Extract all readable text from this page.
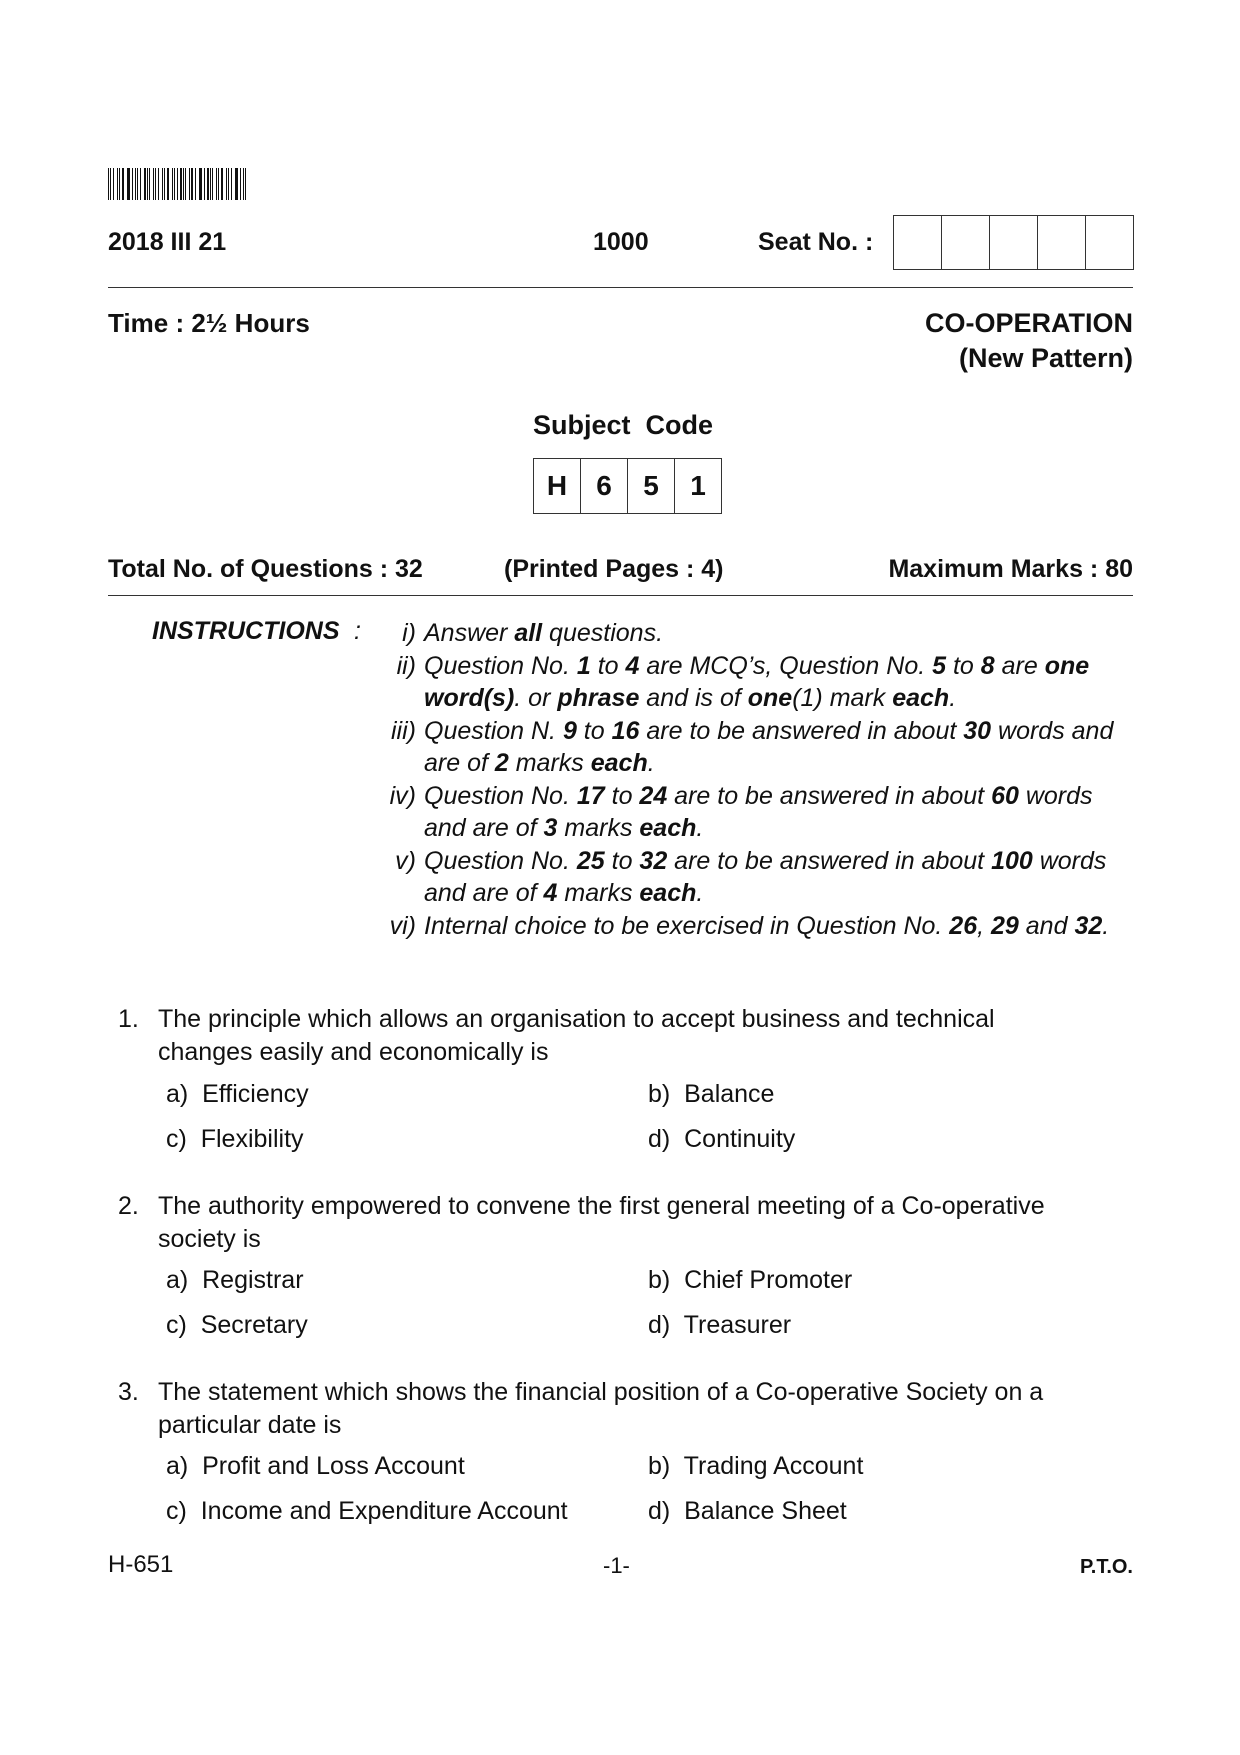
2018 III 21	1000	Seat No. :
Time : 2½ Hours	CO-OPERATION
(New Pattern)
Subject  Code
H	6	5	1
Total No. of Questions : 32	(Printed Pages : 4)	Maximum Marks : 80
INSTRUCTIONS :	i) Answer all questions.
ii) Question No. 1 to 4 are MCQ’s, Question No. 5 to 8 are one word(s). or phrase and is of one(1) mark each.
iii) Question N. 9 to 16 are to be answered in about 30 words and are of 2 marks each.
iv) Question No. 17 to 24 are to be answered in about 60 words and are of 3 marks each.
v) Question No. 25 to 32 are to be answered in about 100 words and are of 4 marks each.
vi) Internal choice to be exercised in Question No. 26, 29 and 32.
1. The principle which allows an organisation to accept business and technical changes easily and economically is
a)  Efficiency	b)  Balance
c)  Flexibility	d)  Continuity
2. The authority empowered to convene the first general meeting of a Co-operative society is
a)  Registrar	b)  Chief Promoter
c)  Secretary	d)  Treasurer
3. The statement which shows the financial position of a Co-operative Society on a particular date is
a)  Profit and Loss Account	b)  Trading Account
c)  Income and Expenditure Account	d)  Balance Sheet
H-651	-1-	P.T.O.
